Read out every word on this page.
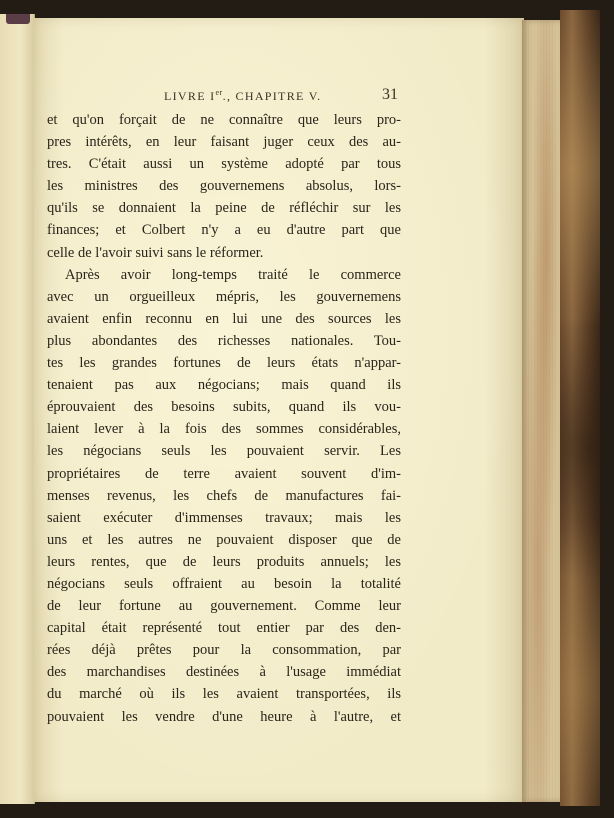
LIVRE Ier., CHAPITRE V.	31
et qu'on forçait de ne connaître que leurs pro-
pres intérêts, en leur faisant juger ceux des au-
tres. C'était aussi un système adopté par tous
les ministres des gouvernemens absolus, lors-
qu'ils se donnaient la peine de réfléchir sur les
finances; et Colbert n'y a eu d'autre part que
celle de l'avoir suivi sans le réformer.
Après avoir long-temps traité le commerce
avec un orgueilleux mépris, les gouvernemens
avaient enfin reconnu en lui une des sources les
plus abondantes des richesses nationales. Tou-
tes les grandes fortunes de leurs états n'appar-
tenaient pas aux négocians; mais quand ils
éprouvaient des besoins subits, quand ils vou-
laient lever à la fois des sommes considérables,
les négocians seuls les pouvaient servir. Les
propriétaires de terre avaient souvent d'im-
menses revenus, les chefs de manufactures fai-
saient exécuter d'immenses travaux; mais les
uns et les autres ne pouvaient disposer que de
leurs rentes, que de leurs produits annuels; les
négocians seuls offraient au besoin la totalité
de leur fortune au gouvernement. Comme leur
capital était représenté tout entier par des den-
rées déjà prêtes pour la consommation, par
des marchandises destinées à l'usage immédiat
du marché où ils les avaient transportées, ils
pouvaient les vendre d'une heure à l'autre, et
